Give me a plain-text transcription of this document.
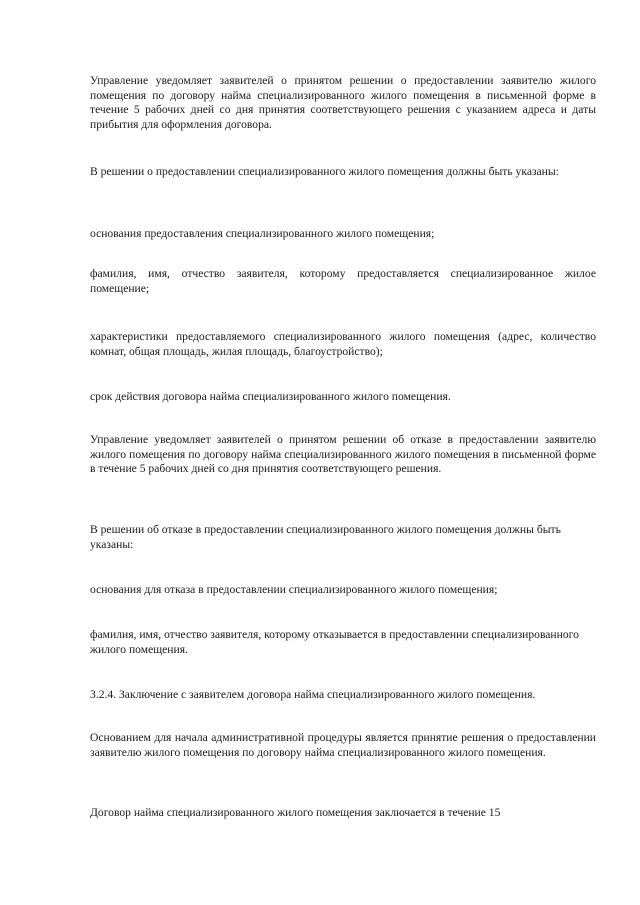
Управление уведомляет заявителей о принятом решении о предоставлении заявителю жилого помещения по договору найма специализированного жилого помещения в письменной форме в течение 5 рабочих дней со дня принятия соответствующего решения с указанием адреса и даты прибытия для оформления договора.

В решении о предоставлении специализированного жилого помещения должны быть указаны:

основания предоставления специализированного жилого помещения;

фамилия, имя, отчество заявителя, которому предоставляется специализированное жилое помещение;

характеристики предоставляемого специализированного жилого помещения (адрес, количество комнат, общая площадь, жилая площадь, благоустройство);

срок действия договора найма специализированного жилого помещения.

Управление уведомляет заявителей о принятом решении об отказе в предоставлении заявителю жилого помещения по договору найма специализированного жилого помещения в письменной форме в течение 5 рабочих дней со дня принятия соответствующего решения.

В решении об отказе в предоставлении специализированного жилого помещения должны быть указаны:

основания для отказа в предоставлении специализированного жилого помещения;

фамилия, имя, отчество заявителя, которому отказывается в предоставлении специализированного жилого помещения.

3.2.4. Заключение с заявителем договора найма специализированного жилого помещения.

Основанием для начала административной процедуры является принятие решения о предоставлении заявителю жилого помещения по договору найма специализированного жилого помещения.

Договор найма специализированного жилого помещения заключается в течение 15
